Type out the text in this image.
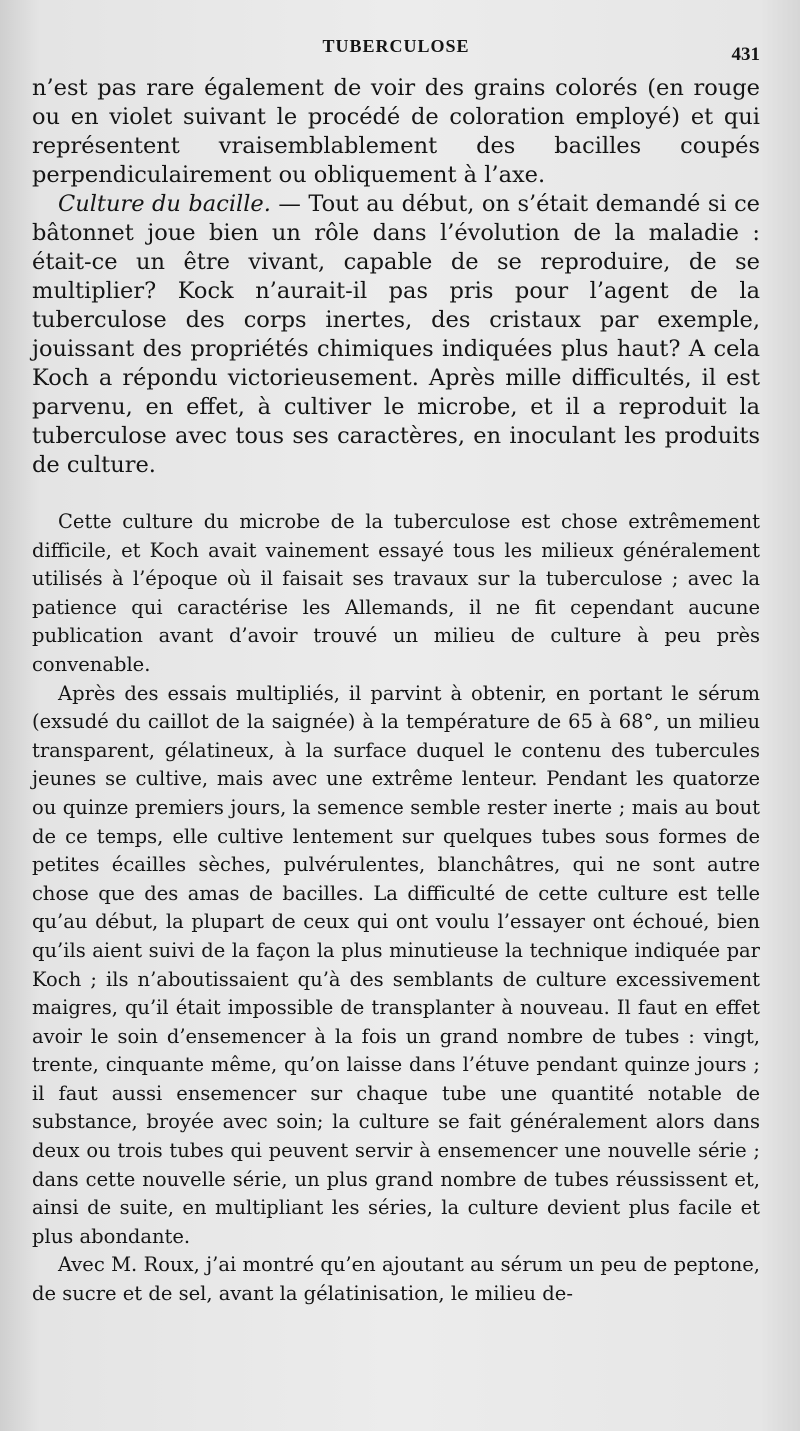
TUBERCULOSE	431

n’est pas rare également de voir des grains colorés (en rouge ou en violet suivant le procédé de coloration employé) et qui représentent vraisemblablement des bacilles coupés perpendiculairement ou obliquement à l’axe.

Culture du bacille. — Tout au début, on s’était demandé si ce bâtonnet joue bien un rôle dans l’évolution de la maladie : était-ce un être vivant, capable de se reproduire, de se multiplier? Kock n’aurait-il pas pris pour l’agent de la tuberculose des corps inertes, des cristaux par exemple, jouissant des propriétés chimiques indiquées plus haut? A cela Koch a répondu victorieusement. Après mille difficultés, il est parvenu, en effet, à cultiver le microbe, et il a reproduit la tuberculose avec tous ses caractères, en inoculant les produits de culture.

Cette culture du microbe de la tuberculose est chose extrêmement difficile, et Koch avait vainement essayé tous les milieux généralement utilisés à l’époque où il faisait ses travaux sur la tuberculose ; avec la patience qui caractérise les Allemands, il ne fit cependant aucune publication avant d’avoir trouvé un milieu de culture à peu près convenable.

Après des essais multipliés, il parvint à obtenir, en portant le sérum (exsudé du caillot de la saignée) à la température de 65 à 68°, un milieu transparent, gélatineux, à la surface duquel le contenu des tubercules jeunes se cultive, mais avec une extrême lenteur. Pendant les quatorze ou quinze premiers jours, la semence semble rester inerte ; mais au bout de ce temps, elle cultive lentement sur quelques tubes sous formes de petites écailles sèches, pulvérulentes, blanchâtres, qui ne sont autre chose que des amas de bacilles. La difficulté de cette culture est telle qu’au début, la plupart de ceux qui ont voulu l’essayer ont échoué, bien qu’ils aient suivi de la façon la plus minutieuse la technique indiquée par Koch ; ils n’aboutissaient qu’à des semblants de culture excessivement maigres, qu’il était impossible de transplanter à nouveau. Il faut en effet avoir le soin d’ensemencer à la fois un grand nombre de tubes : vingt, trente, cinquante même, qu’on laisse dans l’étuve pendant quinze jours ; il faut aussi ensemencer sur chaque tube une quantité notable de substance, broyée avec soin; la culture se fait généralement alors dans deux ou trois tubes qui peuvent servir à ensemencer une nouvelle série ; dans cette nouvelle série, un plus grand nombre de tubes réussissent et, ainsi de suite, en multipliant les séries, la culture devient plus facile et plus abondante.

Avec M. Roux, j’ai montré qu’en ajoutant au sérum un peu de peptone, de sucre et de sel, avant la gélatinisation, le milieu de-
